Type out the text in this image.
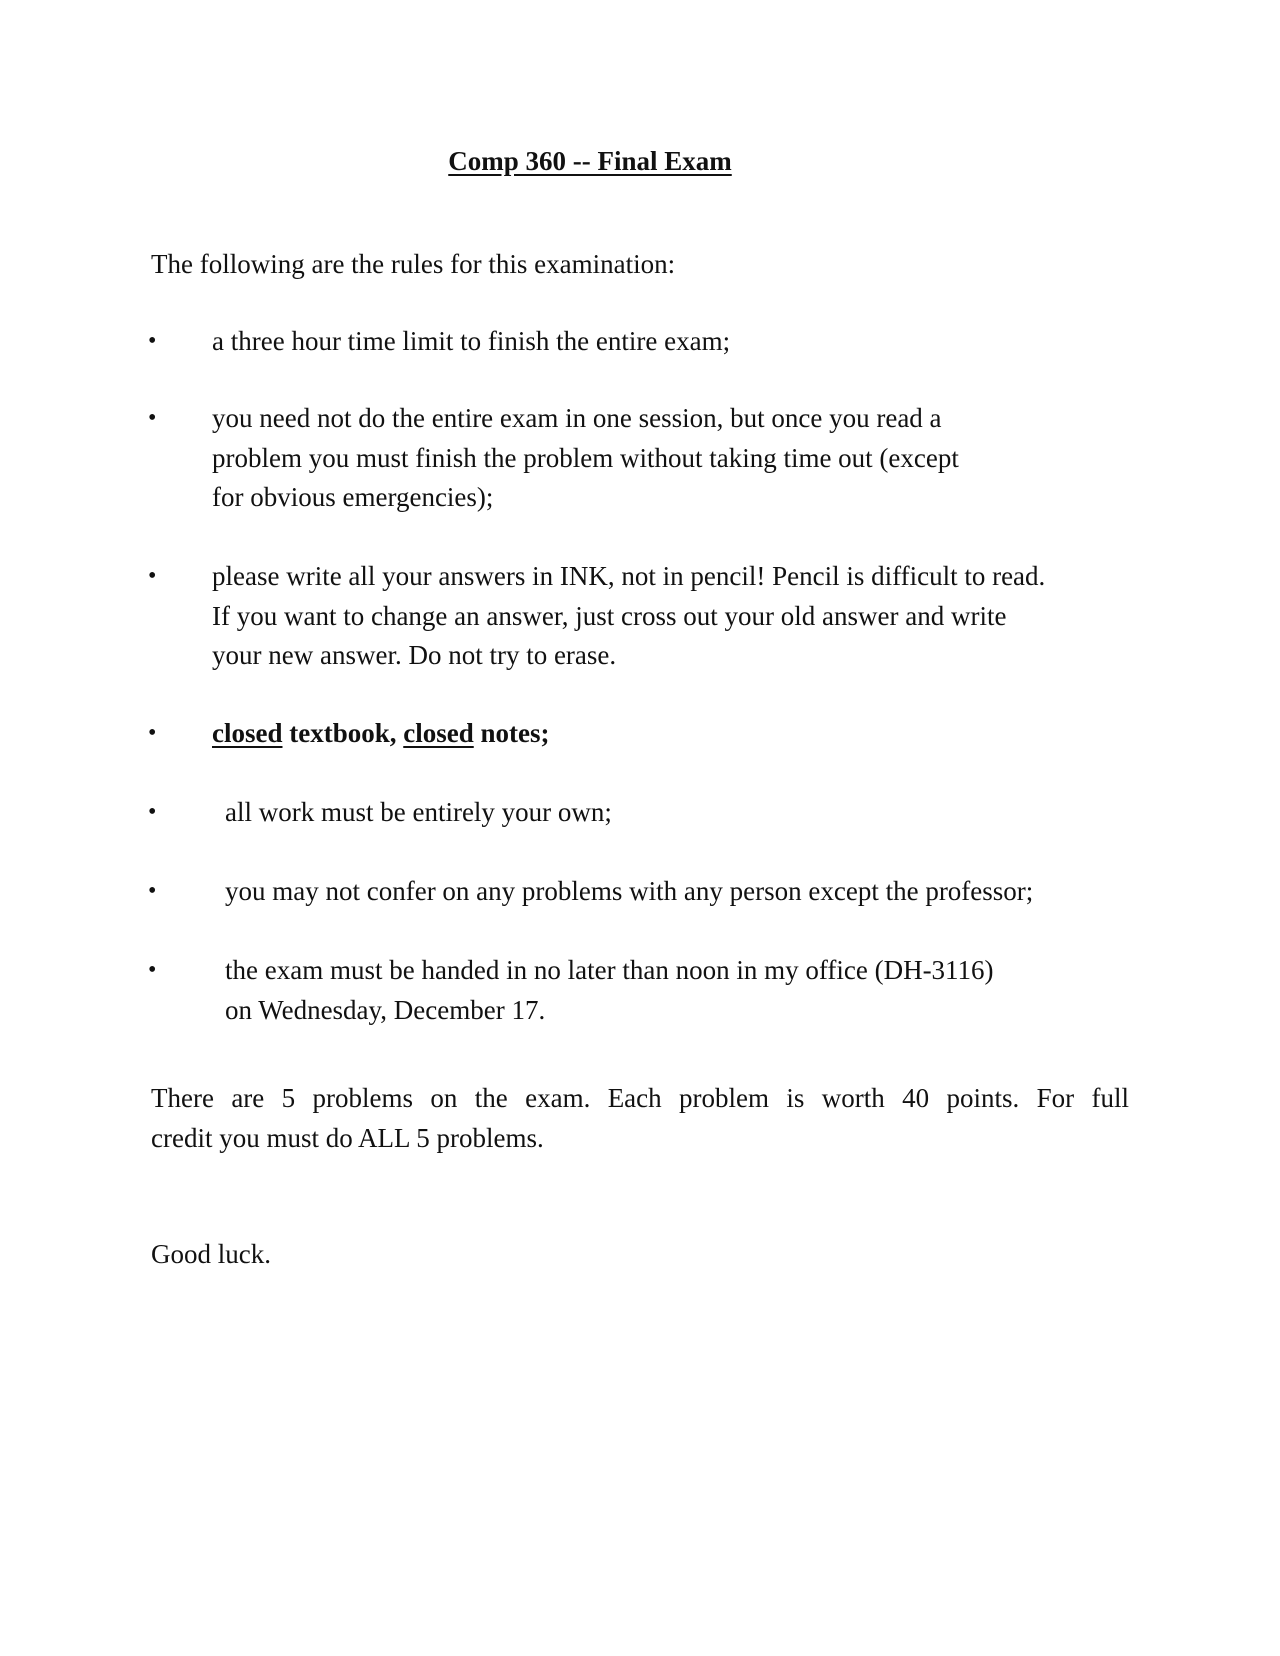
Comp 360 -- Final Exam
The following are the rules for this examination:
• a three hour time limit to finish the entire exam;
• you need not do the entire exam in one session, but once you read a
problem you must finish the problem without taking time out (except
for obvious emergencies);
• please write all your answers in INK, not in pencil! Pencil is difficult to read.
If you want to change an answer, just cross out your old answer and write
your new answer. Do not try to erase.
• closed textbook, closed notes;
•	all work must be entirely your own;
•	you may not confer on any problems with any person except the professor;
•	the exam must be handed in no later than noon in my office (DH-3116)
on Wednesday, December 17.
There are 5 problems on the exam. Each problem is worth 40 points. For full
credit you must do ALL 5 problems.
Good luck.
